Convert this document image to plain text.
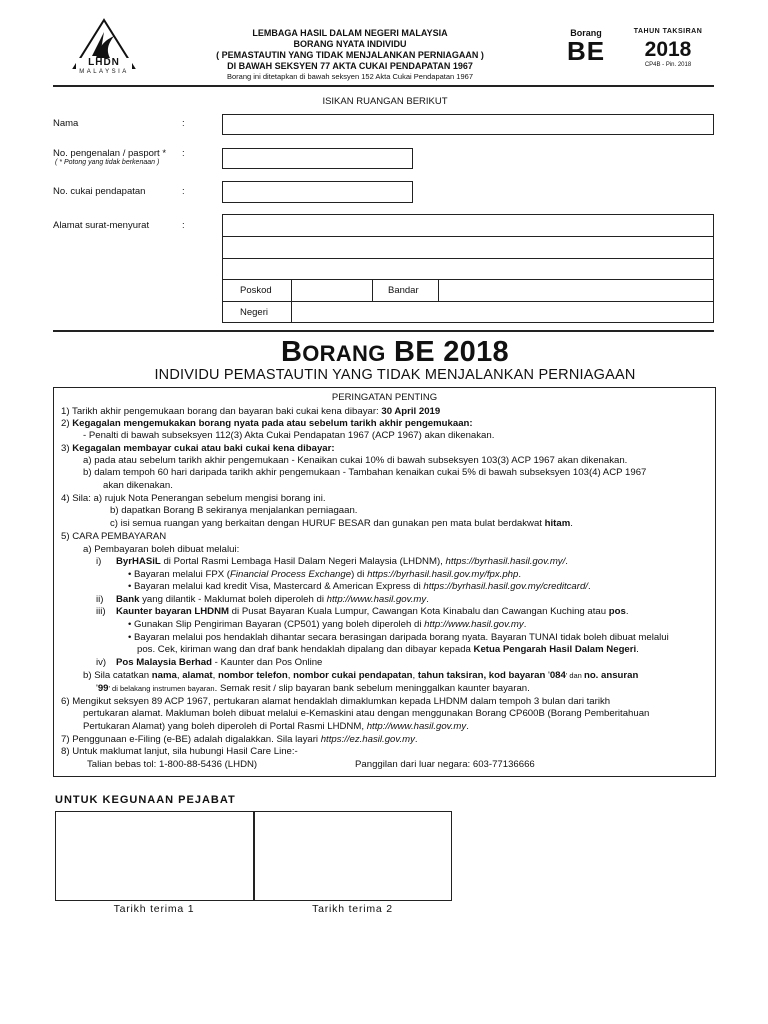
LHDN
MALAYSIA
LEMBAGA HASIL DALAM NEGERI MALAYSIA
BORANG NYATA INDIVIDU
( PEMASTAUTIN YANG TIDAK MENJALANKAN PERNIAGAAN )
DI BAWAH SEKSYEN 77 AKTA CUKAI PENDAPATAN 1967
Borang ini ditetapkan di bawah seksyen 152 Akta Cukai Pendapatan 1967
Borang
BE
TAHUN TAKSIRAN
2018
CP4B - Pin. 2018
ISIKAN RUANGAN BERIKUT
Nama	:
No. pengenalan / pasport *
( * Potong yang tidak berkenaan )
:
No. cukai pendapatan	:
Alamat surat-menyurat	:
Poskod	Bandar
Negeri
BORANG BE 2018
INDIVIDU PEMASTAUTIN YANG TIDAK MENJALANKAN PERNIAGAAN
PERINGATAN PENTING
1) Tarikh akhir pengemukaan borang dan bayaran baki cukai kena dibayar: 30 April 2019
2) Kegagalan mengemukakan borang nyata pada atau sebelum tarikh akhir pengemukaan:
- Penalti di bawah subseksyen 112(3) Akta Cukai Pendapatan 1967 (ACP 1967) akan dikenakan.
3) Kegagalan membayar cukai atau baki cukai kena dibayar:
a) pada atau sebelum tarikh akhir pengemukaan - Kenaikan cukai 10% di bawah subseksyen 103(3) ACP 1967 akan dikenakan.
b) dalam tempoh 60 hari daripada tarikh akhir pengemukaan - Tambahan kenaikan cukai 5% di bawah subseksyen 103(4) ACP 1967
akan dikenakan.
4) Sila: a) rujuk Nota Penerangan sebelum mengisi borang ini.
b) dapatkan Borang B sekiranya menjalankan perniagaan.
c) isi semua ruangan yang berkaitan dengan HURUF BESAR dan gunakan pen mata bulat berdakwat hitam.
5) CARA PEMBAYARAN
a) Pembayaran boleh dibuat melalui:
i) ByrHASiL di Portal Rasmi Lembaga Hasil Dalam Negeri Malaysia (LHDNM), https://byrhasil.hasil.gov.my/.
• Bayaran melalui FPX (Financial Process Exchange) di https://byrhasil.hasil.gov.my/fpx.php.
• Bayaran melalui kad kredit Visa, Mastercard & American Express di https://byrhasil.hasil.gov.my/creditcard/.
ii) Bank yang dilantik - Maklumat boleh diperoleh di http://www.hasil.gov.my.
iii) Kaunter bayaran LHDNM di Pusat Bayaran Kuala Lumpur, Cawangan Kota Kinabalu dan Cawangan Kuching atau pos.
• Gunakan Slip Pengiriman Bayaran (CP501) yang boleh diperoleh di http://www.hasil.gov.my.
• Bayaran melalui pos hendaklah dihantar secara berasingan daripada borang nyata. Bayaran TUNAI tidak boleh dibuat melalui
pos. Cek, kiriman wang dan draf bank hendaklah dipalang dan dibayar kepada Ketua Pengarah Hasil Dalam Negeri.
iv) Pos Malaysia Berhad - Kaunter dan Pos Online
b) Sila catatkan nama, alamat, nombor telefon, nombor cukai pendapatan, tahun taksiran, kod bayaran '084' dan no. ansuran
'99' di belakang instrumen bayaran. Semak resit / slip bayaran bank sebelum meninggalkan kaunter bayaran.
6) Mengikut seksyen 89 ACP 1967, pertukaran alamat hendaklah dimaklumkan kepada LHDNM dalam tempoh 3 bulan dari tarikh
pertukaran alamat. Makluman boleh dibuat melalui e-Kemaskini atau dengan menggunakan Borang CP600B (Borang Pemberitahuan
Pertukaran Alamat) yang boleh diperoleh di Portal Rasmi LHDNM, http://www.hasil.gov.my.
7) Penggunaan e-Filing (e-BE) adalah digalakkan. Sila layari https://ez.hasil.gov.my.
8) Untuk maklumat lanjut, sila hubungi Hasil Care Line:-
Talian bebas tol: 1-800-88-5436 (LHDN)	Panggilan dari luar negara: 603-77136666
UNTUK KEGUNAAN PEJABAT
Tarikh terima 1	Tarikh terima 2
